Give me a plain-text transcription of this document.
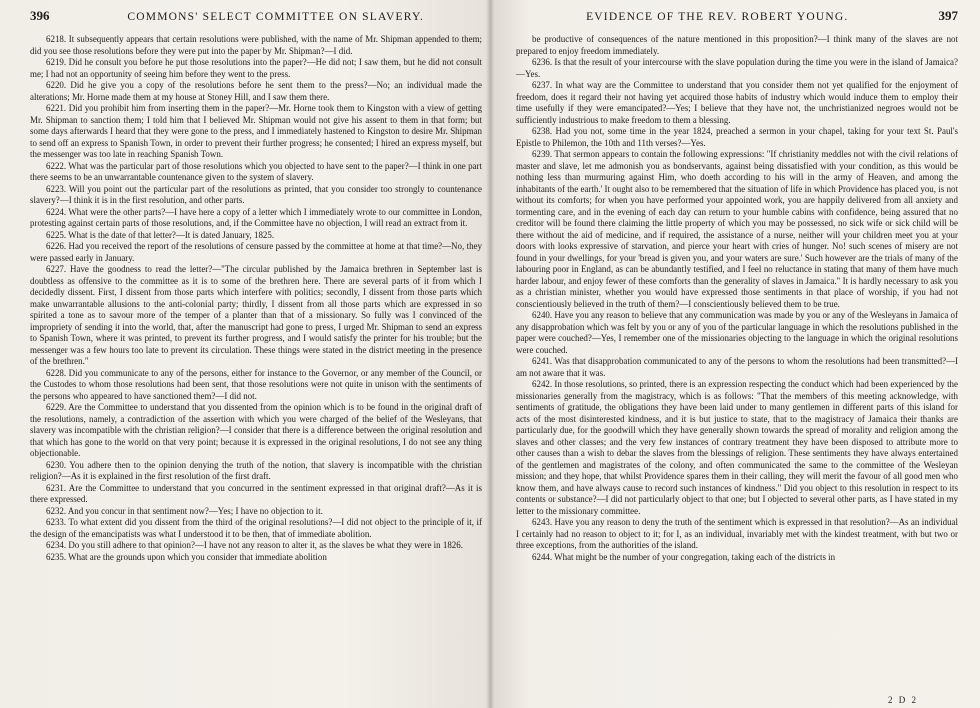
396	COMMONS' SELECT COMMITTEE ON SLAVERY.

6218. It subsequently appears that certain resolutions were published, with the name of Mr. Shipman appended to them; did you see those resolutions before they were put into the paper by Mr. Shipman?—I did.

6219. Did he consult you before he put those resolutions into the paper?—He did not; I saw them, but he did not consult me; I had not an opportunity of seeing him before they went to the press.

6220. Did he give you a copy of the resolutions before he sent them to the press?—No; an individual made the alterations; Mr. Horne made them at my house at Stoney Hill, and I saw them there.

6221. Did you prohibit him from inserting them in the paper?—Mr. Horne took them to Kingston with a view of getting Mr. Shipman to sanction them; I told him that I believed Mr. Shipman would not give his assent to them in that form; but some days afterwards I heard that they were gone to the press, and I immediately hastened to Kingston to desire Mr. Shipman to send off an express to Spanish Town, in order to prevent their further progress; he consented; I hired an express myself, but the messenger was too late in reaching Spanish Town.

6222. What was the particular part of those resolutions which you objected to have sent to the paper?—I think in one part there seems to be an unwarrantable countenance given to the system of slavery.

6223. Will you point out the particular part of the resolutions as printed, that you consider too strongly to countenance slavery?—I think it is in the first resolution, and other parts.

6224. What were the other parts?—I have here a copy of a letter which I immediately wrote to our committee in London, protesting against certain parts of those resolutions, and, if the Committee have no objection, I will read an extract from it.

6225. What is the date of that letter?—It is dated January, 1825.

6226. Had you received the report of the resolutions of censure passed by the committee at home at that time?—No, they were passed early in January.

6227. Have the goodness to read the letter?—"The circular published by the Jamaica brethren in September last is doubtless as offensive to the committee as it is to some of the brethren here. There are several parts of it from which I decidedly dissent. First, I dissent from those parts which interfere with politics; secondly, I dissent from those parts which make unwarrantable allusions to the anti-colonial party; thirdly, I dissent from all those parts which are expressed in so spirited a tone as to savour more of the temper of a planter than that of a missionary. So fully was I convinced of the impropriety of sending it into the world, that, after the manuscript had gone to press, I urged Mr. Shipman to send an express to Spanish Town, where it was printed, to prevent its further progress, and I would satisfy the printer for his trouble; but the messenger was a few hours too late to prevent its circulation. These things were stated in the district meeting in the presence of the brethren."

6228. Did you communicate to any of the persons, either for instance to the Governor, or any member of the Council, or the Custodes to whom those resolutions had been sent, that those resolutions were not quite in unison with the sentiments of the persons who appeared to have sanctioned them?—I did not.

6229. Are the Committee to understand that you dissented from the opinion which is to be found in the original draft of the resolutions, namely, a contradiction of the assertion with which you were charged of the belief of the Wesleyans, that slavery was incompatible with the christian religion?—I consider that there is a difference between the original resolution and that which has gone to the world on that very point; because it is expressed in the original resolutions, I do not see any thing objectionable.

6230. You adhere then to the opinion denying the truth of the notion, that slavery is incompatible with the christian religion?—As it is explained in the first resolution of the first draft.

6231. Are the Committee to understand that you concurred in the sentiment expressed in that original draft?—As it is there expressed.

6232. And you concur in that sentiment now?—Yes; I have no objection to it.

6233. To what extent did you dissent from the third of the original resolutions?—I did not object to the principle of it, if the design of the emancipatists was what I understood it to be then, that of immediate abolition.

6234. Do you still adhere to that opinion?—I have not any reason to alter it, as the slaves be what they were in 1826.

6235. What are the grounds upon which you consider that immediate abolition

EVIDENCE OF THE REV. ROBERT YOUNG.	397

be productive of consequences of the nature mentioned in this proposition?—I think many of the slaves are not prepared to enjoy freedom immediately.

6236. Is that the result of your intercourse with the slave population during the time you were in the island of Jamaica?—Yes.

6237. In what way are the Committee to understand that you consider them not yet qualified for the enjoyment of freedom, does it regard their not having yet acquired those habits of industry which would induce them to employ their time usefully if they were emancipated?—Yes; I believe that they have not, the unchristianized negroes would not be sufficiently industrious to make freedom to them a blessing.

6238. Had you not, some time in the year 1824, preached a sermon in your chapel, taking for your text St. Paul's Epistle to Philemon, the 10th and 11th verses?—Yes.

6239. That sermon appears to contain the following expressions: "If christianity meddles not with the civil relations of master and slave, let me admonish you as bondservants, against being dissatisfied with your condition, as this would be nothing less than murmuring against Him, who doeth according to his will in the army of Heaven, and among the inhabitants of the earth.' It ought also to be remembered that the situation of life in which Providence has placed you, is not without its comforts; for when you have performed your appointed work, you are happily delivered from all anxiety and tormenting care, and in the evening of each day can return to your humble cabins with confidence, being assured that no creditor will be found there claiming the little property of which you may be possessed, no sick wife or sick child will be there without the aid of medicine, and if required, the assistance of a nurse, neither will your children meet you at your doors with looks expressive of starvation, and pierce your heart with cries of hunger. No! such scenes of misery are not found in your dwellings, for your 'bread is given you, and your waters are sure.' Such however are the trials of many of the labouring poor in England, as can be abundantly testified, and I feel no reluctance in stating that many of them have much harder labour, and enjoy fewer of these comforts than the generality of slaves in Jamaica." It is hardly necessary to ask you as a christian minister, whether you would have expressed those sentiments in that place of worship, if you had not conscientiously believed in the truth of them?—I conscientiously believed them to be true.

6240. Have you any reason to believe that any communication was made by you or any of the Wesleyans in Jamaica of any disapprobation which was felt by you or any of you of the particular language in which the resolutions published in the paper were couched?—Yes, I remember one of the missionaries objecting to the language in which the original resolutions were couched.

6241. Was that disapprobation communicated to any of the persons to whom the resolutions had been transmitted?—I am not aware that it was.

6242. In those resolutions, so printed, there is an expression respecting the conduct which had been experienced by the missionaries generally from the magistracy, which is as follows: "That the members of this meeting acknowledge, with sentiments of gratitude, the obligations they have been laid under to many gentlemen in different parts of this island for acts of the most disinterested kindness, and it is but justice to state, that to the magistracy of Jamaica their thanks are particularly due, for the goodwill which they have generally shown towards the spread of morality and religion among the slaves and other classes; and the very few instances of contrary treatment they have been disposed to attribute more to other causes than a wish to debar the slaves from the blessings of religion. These sentiments they have always entertained of the gentlemen and magistrates of the colony, and often communicated the same to the committee of the Wesleyan mission; and they hope, that whilst Providence spares them in their calling, they will merit the favour of all good men who know them, and have always cause to record such instances of kindness." Did you object to this resolution in respect to its contents or substance?—I did not particularly object to that one; but I objected to several other parts, as I have stated in my letter to the missionary committee.

6243. Have you any reason to deny the truth of the sentiment which is expressed in that resolution?—As an individual I certainly had no reason to object to it; for I, as an individual, invariably met with the kindest treatment, with but two or three exceptions, from the authorities of the island.

6244. What might be the number of your congregation, taking each of the districts in

2 D 2
